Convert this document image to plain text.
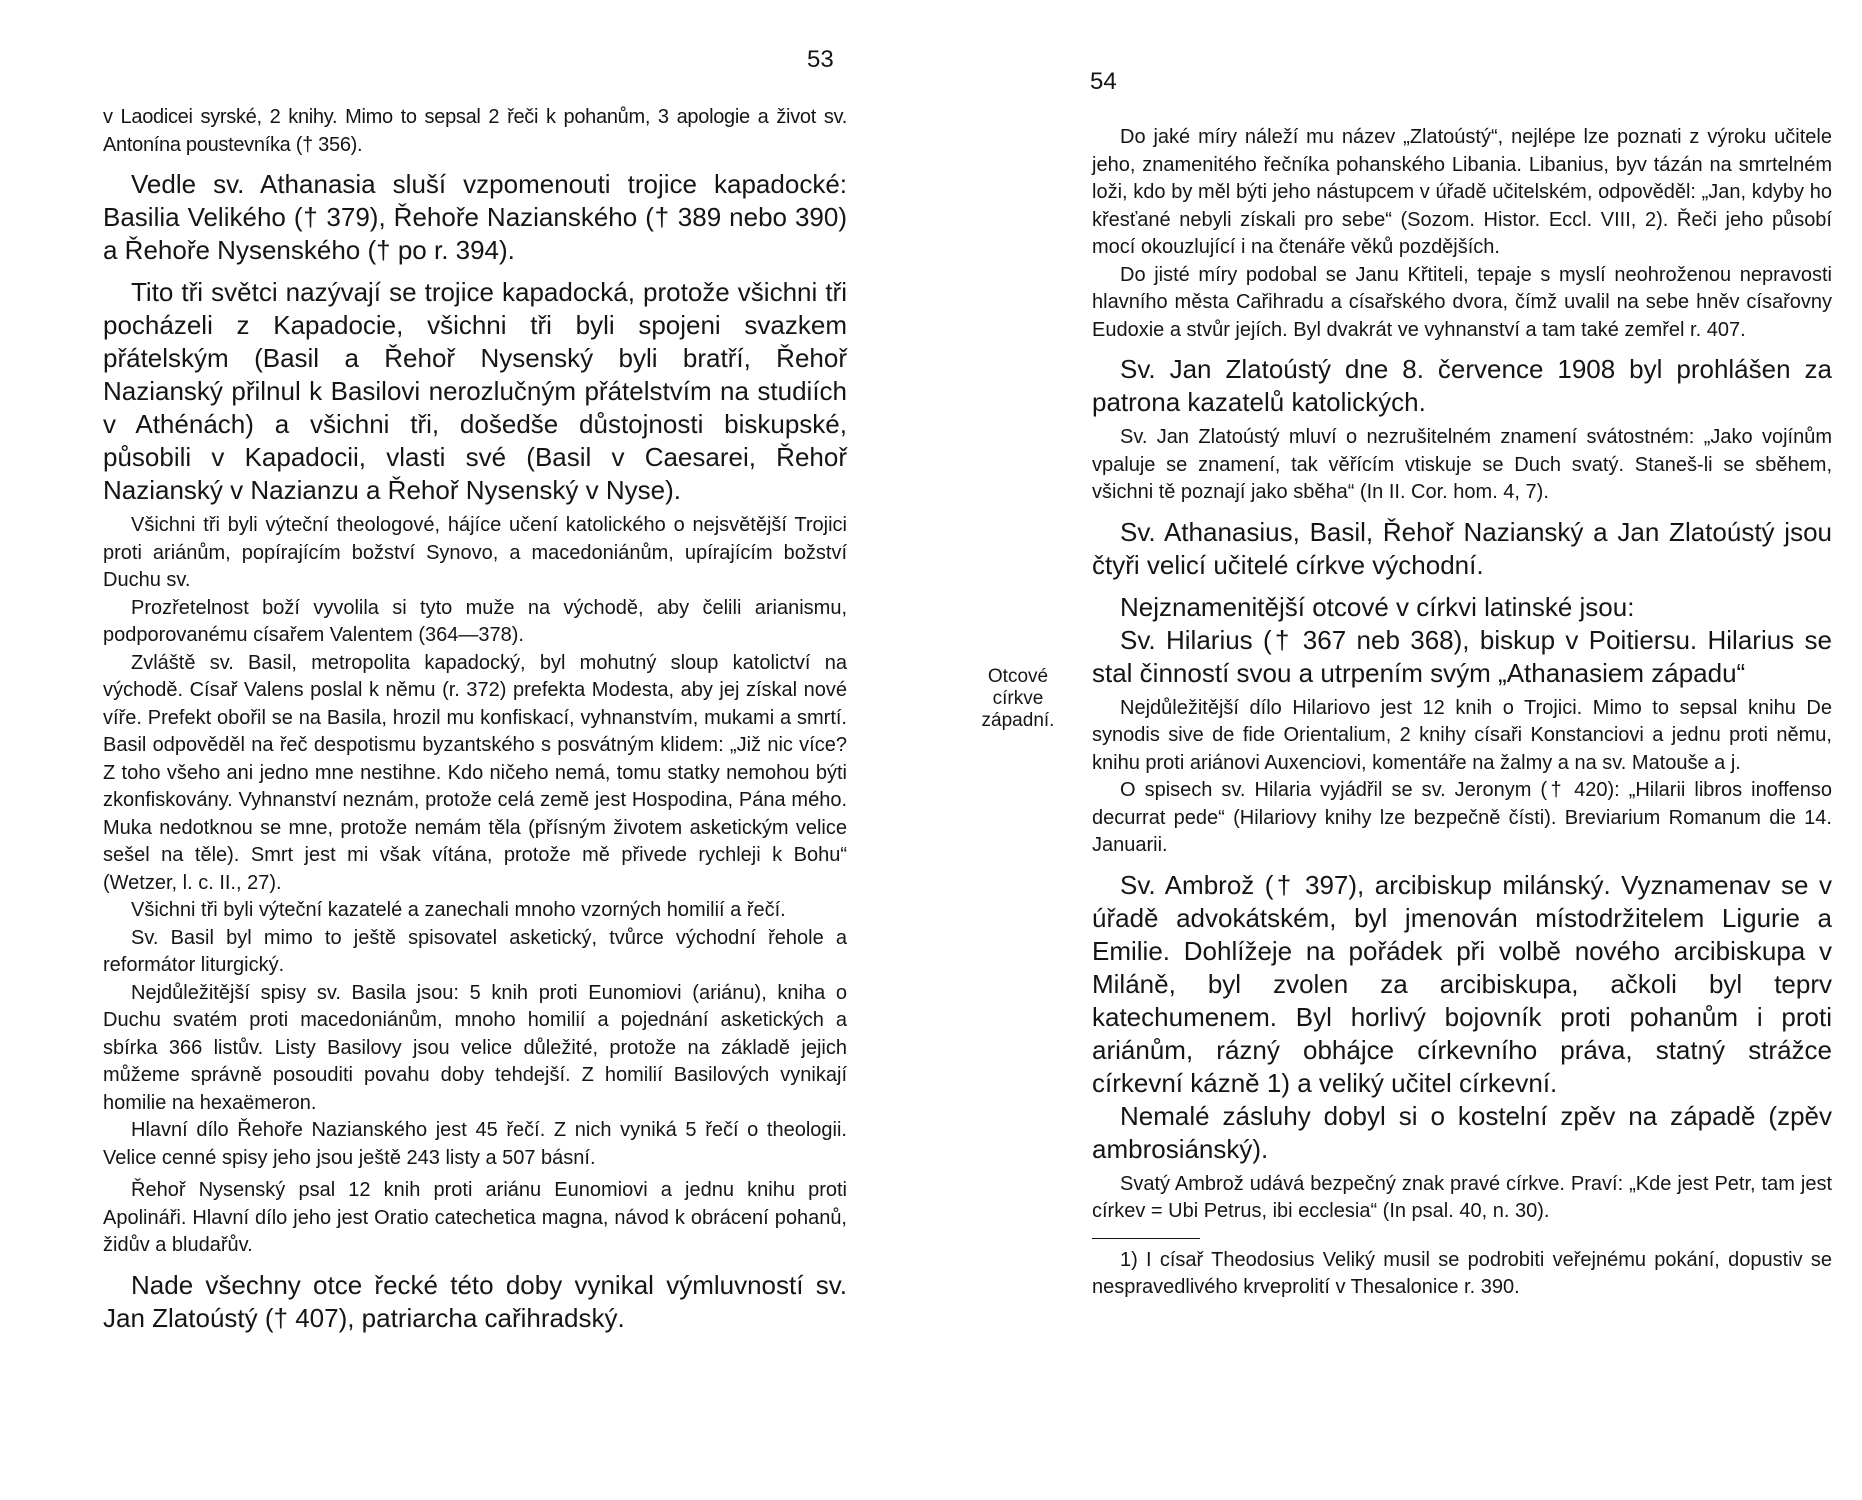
53

v Laodicei syrské, 2 knihy. Mimo to sepsal 2 řeči k pohanům, 3 apologie a život sv. Antonína poustevníka († 356).

Vedle sv. Athanasia sluší vzpomenouti trojice kapadocké: Basilia Velikého († 379), Řehoře Nazianského († 389 nebo 390) a Řehoře Nysenského († po r. 394).

Tito tři světci nazývají se trojice kapadocká, protože všichni tři pocházeli z Kapadocie, všichni tři byli spojeni svazkem přátelským (Basil a Řehoř Nysenský byli bratří, Řehoř Nazianský přilnul k Basilovi nerozlučným přátelstvím na studiích v Athénách) a všichni tři, došedše důstojnosti biskupské, působili v Kapadocii, vlasti své (Basil v Caesarei, Řehoř Nazianský v Nazianzu a Řehoř Nysenský v Nyse).

Všichni tři byli výteční theologové, hájíce učení katolického o nejsvětější Trojici proti ariánům, popírajícím božství Synovo, a macedoniánům, upírajícím božství Duchu sv.

Prozřetelnost boží vyvolila si tyto muže na východě, aby čelili arianismu, podporovanému císařem Valentem (364—378).

Zvláště sv. Basil, metropolita kapadocký, byl mohutný sloup katolictví na východě. Císař Valens poslal k němu (r. 372) prefekta Modesta, aby jej získal nové víře. Prefekt obořil se na Basila, hrozil mu konfiskací, vyhnanstvím, mukami a smrtí. Basil odpověděl na řeč despotismu byzantského s posvátným klidem: „Již nic více? Z toho všeho ani jedno mne nestihne. Kdo ničeho nemá, tomu statky nemohou býti zkonfiskovány. Vyhnanství neznám, protože celá země jest Hospodina, Pána mého. Muka nedotknou se mne, protože nemám těla (přísným životem asketickým velice sešel na těle). Smrt jest mi však vítána, protože mě přivede rychleji k Bohu“ (Wetzer, l. c. II., 27).

Všichni tři byli výteční kazatelé a zanechali mnoho vzorných homilií a řečí.

Sv. Basil byl mimo to ještě spisovatel asketický, tvůrce východní řehole a reformátor liturgický.

Nejdůležitější spisy sv. Basila jsou: 5 knih proti Eunomiovi (ariánu), kniha o Duchu svatém proti macedoniánům, mnoho homilií a pojednání asketických a sbírka 366 listův. Listy Basilovy jsou velice důležité, protože na základě jejich můžeme správně posouditi povahu doby tehdejší. Z homilií Basilových vynikají homilie na hexaëmeron.

Hlavní dílo Řehoře Nazianského jest 45 řečí. Z nich vyniká 5 řečí o theologii. Velice cenné spisy jeho jsou ještě 243 listy a 507 básní.

Řehoř Nysenský psal 12 knih proti ariánu Eunomiovi a jednu knihu proti Apolináři. Hlavní dílo jeho jest Oratio catechetica magna, návod k obrácení pohanů, židův a bludařův.

Nade všechny otce řecké této doby vynikal výmluvností sv. Jan Zlatoústý († 407), patriarcha cařihradský.

Otcové církve západní.
54

Do jaké míry náleží mu název „Zlatoústý“, nejlépe lze poznati z výroku učitele jeho, znamenitého řečníka pohanského Libania. Libanius, byv tázán na smrtelném loži, kdo by měl býti jeho nástupcem v úřadě učitelském, odpověděl: „Jan, kdyby ho křesťané nebyli získali pro sebe“ (Sozom. Histor. Eccl. VIII, 2). Řeči jeho působí mocí okouzlující i na čtenáře věků pozdějších.

Do jisté míry podobal se Janu Křtiteli, tepaje s myslí neohroženou nepravosti hlavního města Cařihradu a císařského dvora, čímž uvalil na sebe hněv císařovny Eudoxie a stvůr jejích. Byl dvakrát ve vyhnanství a tam také zemřel r. 407.

Sv. Jan Zlatoústý dne 8. července 1908 byl prohlášen za patrona kazatelů katolických.

Sv. Jan Zlatoústý mluví o nezrušitelném znamení svátostném: „Jako vojínům vpaluje se znamení, tak věřícím vtiskuje se Duch svatý. Staneš-li se sběhem, všichni tě poznají jako sběha“ (In II. Cor. hom. 4, 7).

Sv. Athanasius, Basil, Řehoř Nazianský a Jan Zlatoústý jsou čtyři velicí učitelé církve východní.

Nejznamenitější otcové v církvi latinské jsou:

Sv. Hilarius († 367 neb 368), biskup v Poitiersu. Hilarius se stal činností svou a utrpením svým „Athanasiem západu“

Nejdůležitější dílo Hilariovo jest 12 knih o Trojici. Mimo to sepsal knihu De synodis sive de fide Orientalium, 2 knihy císaři Konstanciovi a jednu proti němu, knihu proti ariánovi Auxenciovi, komentáře na žalmy a na sv. Matouše a j.

O spisech sv. Hilaria vyjádřil se sv. Jeronym († 420): „Hilarii libros inoffenso decurrat pede“ (Hilariovy knihy lze bezpečně čísti). Breviarium Romanum die 14. Januarii.

Sv. Ambrož († 397), arcibiskup milánský. Vyznamenav se v úřadě advokátském, byl jmenován místodržitelem Ligurie a Emilie. Dohlížeje na pořádek při volbě nového arcibiskupa v Miláně, byl zvolen za arcibiskupa, ačkoli byl teprv katechumenem. Byl horlivý bojovník proti pohanům i proti ariánům, rázný obhájce církevního práva, statný strážce církevní kázně 1) a veliký učitel církevní.

Nemalé zásluhy dobyl si o kostelní zpěv na západě (zpěv ambrosiánský).

Svatý Ambrož udává bezpečný znak pravé církve. Praví: „Kde jest Petr, tam jest církev = Ubi Petrus, ibi ecclesia“ (In psal. 40, n. 30).

1) I císař Theodosius Veliký musil se podrobiti veřejnému pokání, dopustiv se nespravedlivého krveprolití v Thesalonice r. 390.
